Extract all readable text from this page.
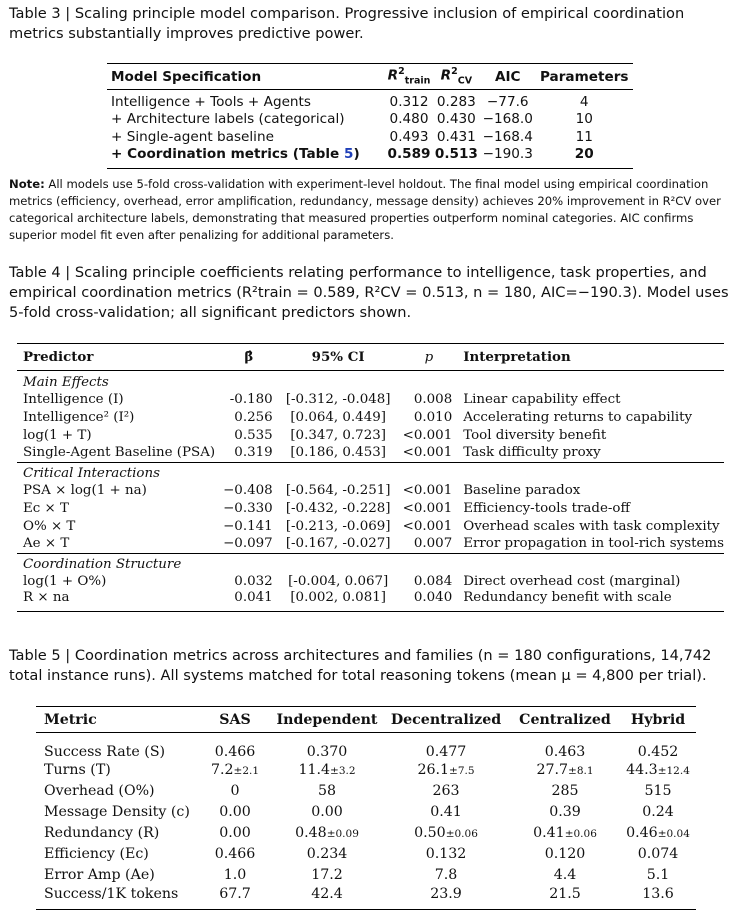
Table 3 | Scaling principle model comparison. Progressive inclusion of empirical coordination metrics substantially improves predictive power.
Model Specification	$R^2_{train}$	$R^2_{CV}$	AIC	Parameters
Intelligence + Tools + Agents	0.312	0.283	−77.6	4
+ Architecture labels (categorical)	0.480	0.430	−168.0	10
+ Single-agent baseline	0.493	0.431	−168.4	11
+ Coordination metrics (Table 5)	0.589	0.513	−190.3	20
Note: All models use 5-fold cross-validation with experiment-level holdout. The final model using empirical coordination metrics (efficiency, overhead, error amplification, redundancy, message density) achieves 20% improvement in R²CV over categorical architecture labels, demonstrating that measured properties outperform nominal categories. AIC confirms superior model fit even after penalizing for additional parameters.
Table 4 | Scaling principle coefficients relating performance to intelligence, task properties, and empirical coordination metrics (R²train = 0.589, R²CV = 0.513, n = 180, AIC=−190.3). Model uses 5-fold cross-validation; all significant predictors shown.
Predictor	β̂	95% CI	p	Interpretation
Main Effects				
Intelligence (I)	-0.180	[-0.312, -0.048]	0.008	Linear capability effect
Intelligence² (I²)	0.256	[0.064, 0.449]	0.010	Accelerating returns to capability
log(1 + T)	0.535	[0.347, 0.723]	<0.001	Tool diversity benefit
Single-Agent Baseline (PSA)	0.319	[0.186, 0.453]	<0.001	Task difficulty proxy
Critical Interactions				
PSA × log(1 + na)	−0.408	[-0.564, -0.251]	<0.001	Baseline paradox
Ec × T	−0.330	[-0.432, -0.228]	<0.001	Efficiency-tools trade-off
O% × T	−0.141	[-0.213, -0.069]	<0.001	Overhead scales with task complexity
Ae × T	−0.097	[-0.167, -0.027]	0.007	Error propagation in tool-rich systems
Coordination Structure				
log(1 + O%)	0.032	[-0.004, 0.067]	0.084	Direct overhead cost (marginal)
R × na	0.041	[0.002, 0.081]	0.040	Redundancy benefit with scale
Table 5 | Coordination metrics across architectures and families (n = 180 configurations, 14,742 total instance runs). All systems matched for total reasoning tokens (mean μ = 4,800 per trial).
Metric	SAS	Independent	Decentralized	Centralized	Hybrid
Success Rate (S)	0.466	0.370	0.477	0.463	0.452
Turns (T)	7.2±2.1	11.4±3.2	26.1±7.5	27.7±8.1	44.3±12.4
Overhead (O%)	0	58	263	285	515
Message Density (c)	0.00	0.00	0.41	0.39	0.24
Redundancy (R)	0.00	0.48±0.09	0.50±0.06	0.41±0.06	0.46±0.04
Efficiency (Ec)	0.466	0.234	0.132	0.120	0.074
Error Amp (Ae)	1.0	17.2	7.8	4.4	5.1
Success/1K tokens	67.7	42.4	23.9	21.5	13.6
